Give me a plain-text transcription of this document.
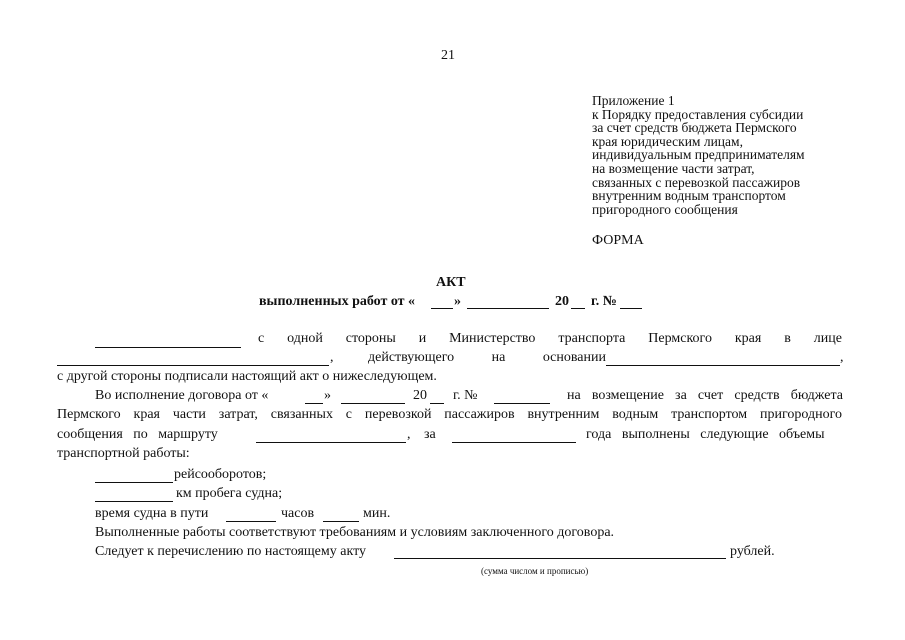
21
Приложение 1
к Порядку предоставления субсидии
за счет средств бюджета Пермского
края юридическим лицам,
индивидуальным предпринимателям
на возмещение части затрат,
связанных с перевозкой пассажиров
внутренним водным транспортом
пригородного сообщения
ФОРМА
АКТ
выполненных работ от «	»	20 г. №
с одной стороны и Министерство транспорта Пермского края в лице
, действующего	на	основании	,
с другой стороны подписали настоящий акт о нижеследующем.
Во исполнение договора от «	»	20 г. №	на возмещение за счет средств бюджета
Пермского края части затрат, связанных с перевозкой пассажиров внутренним водным транспортом пригородного
сообщения   по   маршруту	, за	года   выполнены   следующие   объемы
транспортной работы:
рейсооборотов;
км пробега судна;
время судна в пути	часов	мин.
Выполненные работы соответствуют требованиям и условиям заключенного договора.
Следует к перечислению по настоящему акту	рублей.
(сумма числом и прописью)
